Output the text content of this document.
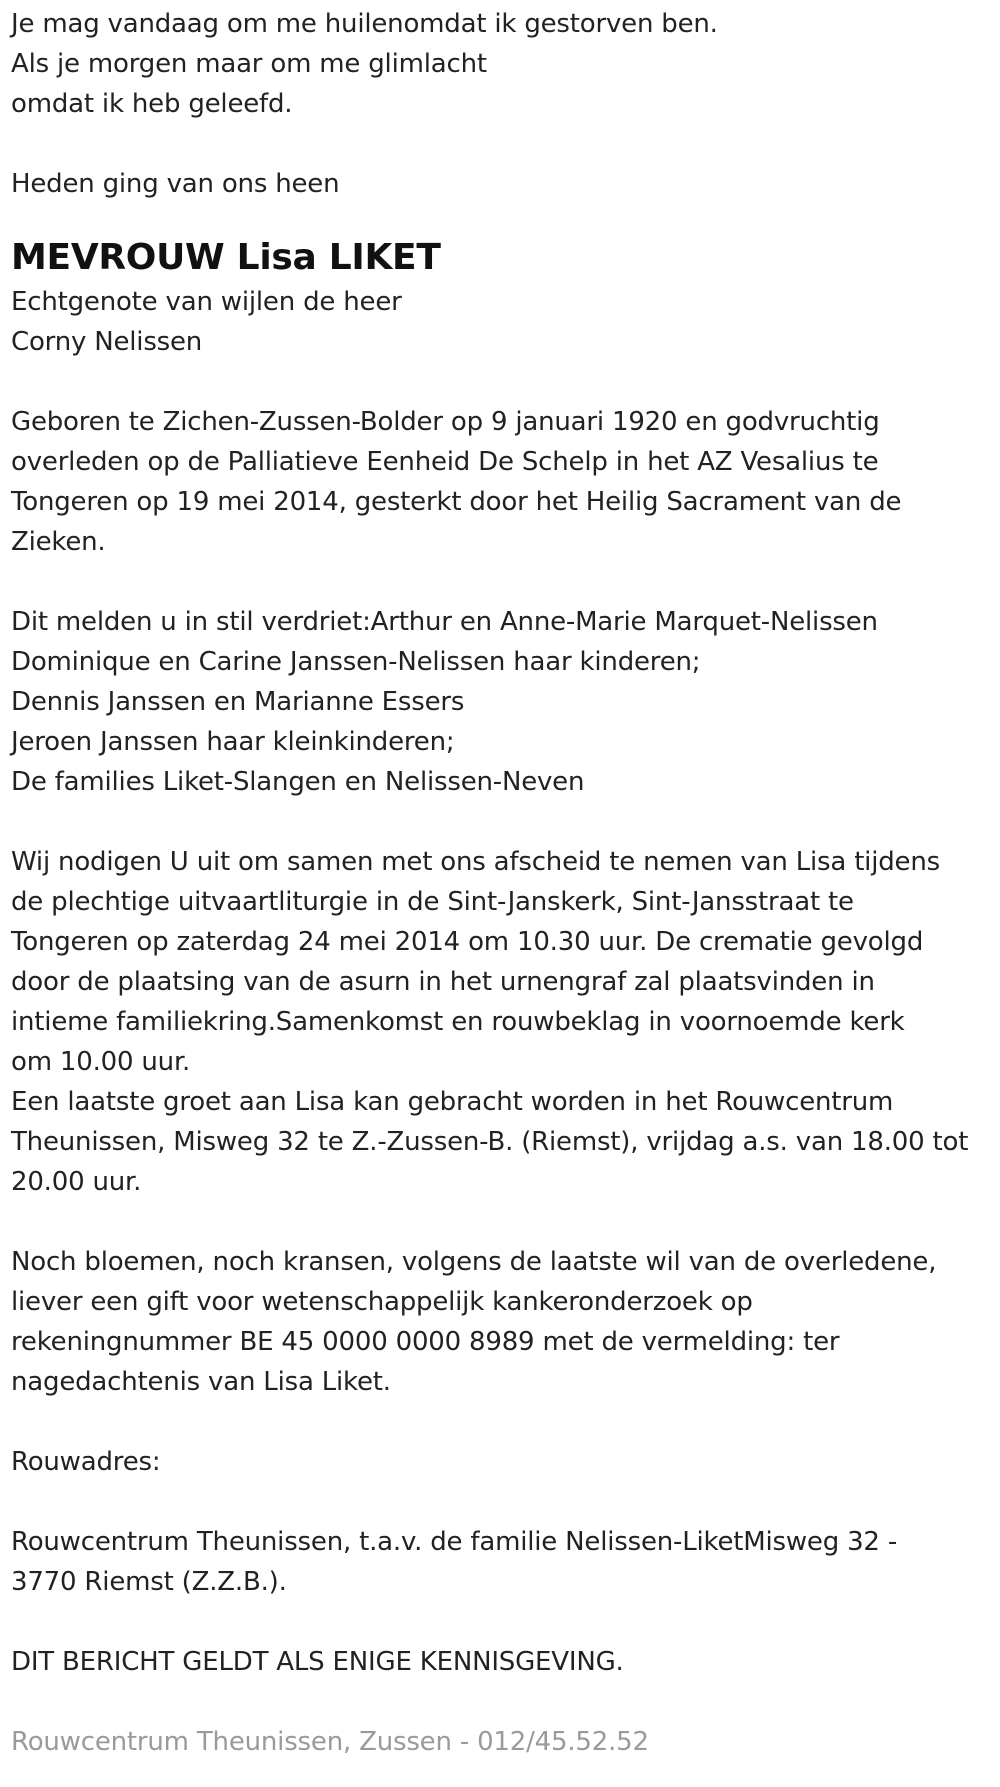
Je mag vandaag om me huilenomdat ik gestorven ben.
Als je morgen maar om me glimlacht
omdat ik heb geleefd.
Heden ging van ons heen
MEVROUW Lisa LIKET
Echtgenote van wijlen de heer
Corny Nelissen
Geboren te Zichen-Zussen-Bolder op 9 januari 1920 en godvruchtig
overleden op de Palliatieve Eenheid De Schelp in het AZ Vesalius te
Tongeren op 19 mei 2014, gesterkt door het Heilig Sacrament van de
Zieken.
Dit melden u in stil verdriet:Arthur en Anne-Marie Marquet-Nelissen
Dominique en Carine Janssen-Nelissen haar kinderen;
Dennis Janssen en Marianne Essers
Jeroen Janssen haar kleinkinderen;
De families Liket-Slangen en Nelissen-Neven
Wij nodigen U uit om samen met ons afscheid te nemen van Lisa tijdens
de plechtige uitvaartliturgie in de Sint-Janskerk, Sint-Jansstraat te
Tongeren op zaterdag 24 mei 2014 om 10.30 uur. De crematie gevolgd
door de plaatsing van de asurn in het urnengraf zal plaatsvinden in
intieme familiekring.Samenkomst en rouwbeklag in voornoemde kerk
om 10.00 uur.
Een laatste groet aan Lisa kan gebracht worden in het Rouwcentrum
Theunissen, Misweg 32 te Z.-Zussen-B. (Riemst), vrijdag a.s. van 18.00 tot
20.00 uur.
Noch bloemen, noch kransen, volgens de laatste wil van de overledene,
liever een gift voor wetenschappelijk kankeronderzoek op
rekeningnummer BE 45 0000 0000 8989 met de vermelding: ter
nagedachtenis van Lisa Liket.
Rouwadres:
Rouwcentrum Theunissen, t.a.v. de familie Nelissen-LiketMisweg 32 -
3770 Riemst (Z.Z.B.).
DIT BERICHT GELDT ALS ENIGE KENNISGEVING.
Rouwcentrum Theunissen, Zussen - 012/45.52.52
